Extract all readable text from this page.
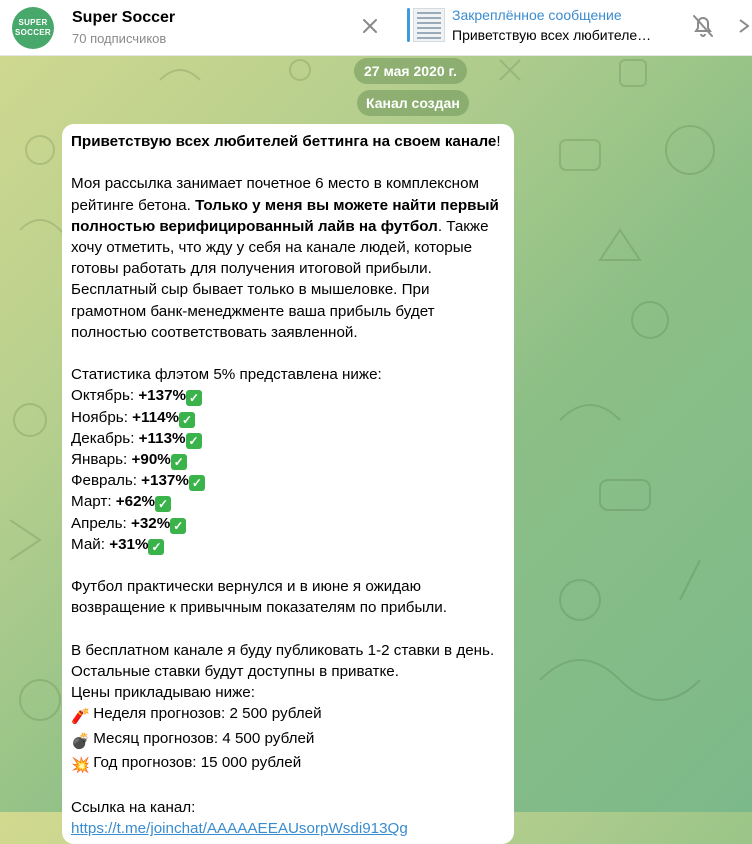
SUPER
SOCCER
Super Soccer
70 подписчиков
Закреплённое сообщение
Приветствую всех любителе…
27 мая 2020 г.
Канал создан

Приветствую всех любителей беттинга на своем канале!

Моя рассылка занимает почетное 6 место в комплексном рейтинге бетона. Только у меня вы можете найти первый полностью верифицированный лайв на футбол. Также хочу отметить, что жду у себя на канале людей, которые готовы работать для получения итоговой прибыли. Бесплатный сыр бывает только в мышеловке. При грамотном банк-менеджменте ваша прибыль будет полностью соответствовать заявленной.

Статистика флэтом 5% представлена ниже:

Октябрь: +137% ✓

Ноябрь: +114% ✓

Декабрь: +113% ✓

Январь: +90% ✓

Февраль: +137% ✓

Март: +62% ✓

Апрель: +32% ✓

Май: +31% ✓

Футбол практически вернулся и в июне я ожидаю возвращение к привычным показателям по прибыли.

В бесплатном канале я буду публиковать 1-2 ставки в день. Остальные ставки будут доступны в приватке.

Цены прикладываю ниже:

🧨 Неделя прогнозов: 2 500 рублей

💣 Месяц прогнозов: 4 500 рублей

💥 Год прогнозов: 15 000 рублей

Ссылка на канал:

https://t.me/joinchat/AAAAAEEAUsorpWsdi913Qg
